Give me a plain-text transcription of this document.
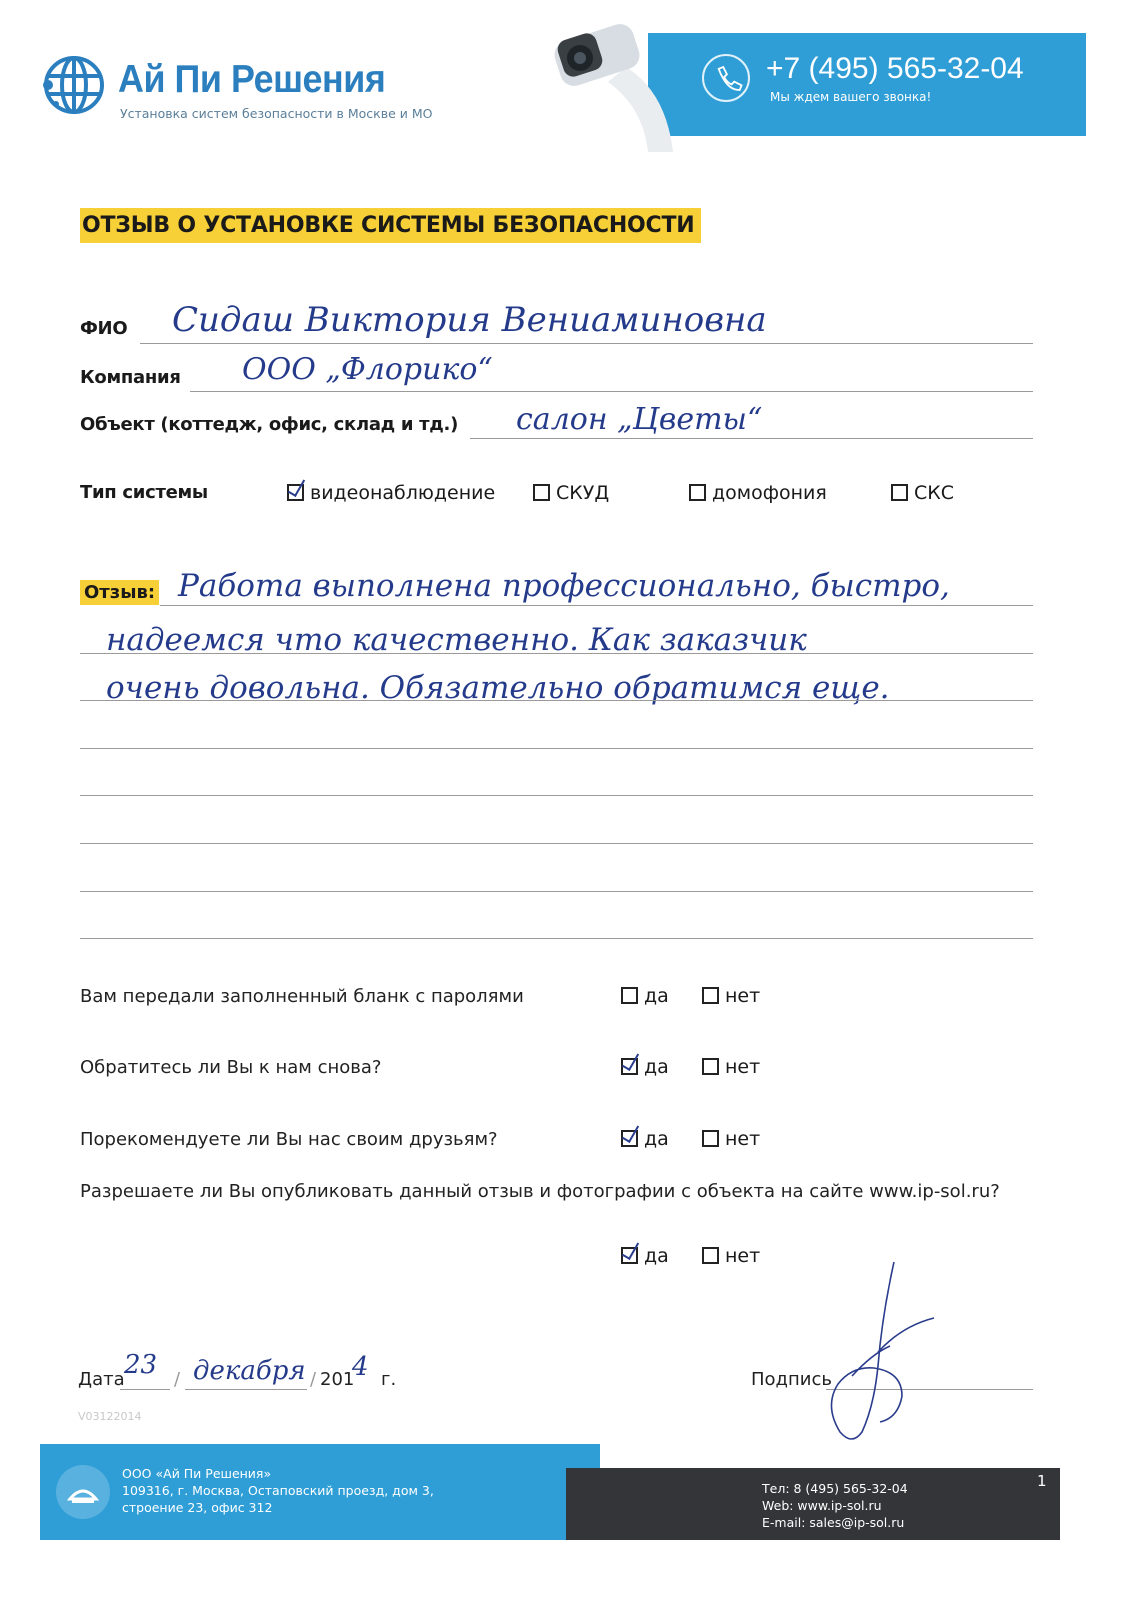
Ай Пи Решения
Установка систем безопасности в Москве и МО
+7 (495) 565-32-04
Мы ждем вашего звонка!
ОТЗЫВ О УСТАНОВКЕ СИСТЕМЫ БЕЗОПАСНОСТИ
ФИО Сидаш Виктория Вениаминовна
Компания ООО „Флорико“
Объект (коттедж, офис, склад и тд.) салон „Цветы“
Тип системы	видеонаблюдение	СКУД	домофония	СКС
Отзыв: Работа выполнена профессионально, быстро,
надеемся что качественно. Как заказчик
очень довольна. Обязательно обратимся еще.
Вам передали заполненный бланк с паролями	да	нет
Обратитесь ли Вы к нам снова?	да	нет
Порекомендуете ли Вы нас своим друзьям?	да	нет
Разрешаете ли Вы опубликовать данный отзыв и фотографии с объекта на сайте www.ip-sol.ru?
да	нет
Дата 23 / декабря / 201
4 г.	Подпись
V03122014
ООО «Ай Пи Решения»
109316, г. Москва, Остаповский проезд, дом 3,
строение 23, офис 312
Тел: 8 (495) 565-32-04
Web: www.ip-sol.ru
E-mail: sales@ip-sol.ru
1
